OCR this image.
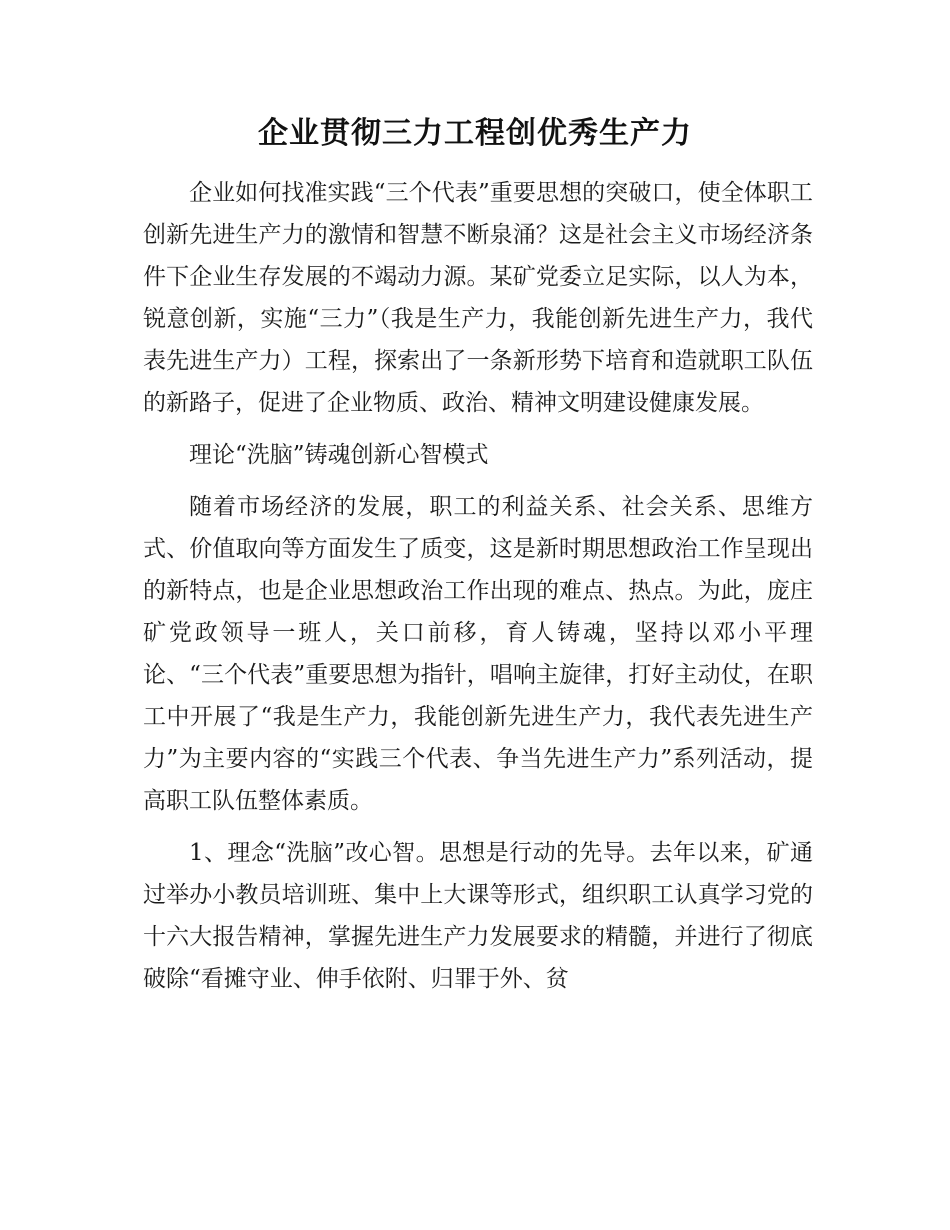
企业贯彻三力工程创优秀生产力

企业如何找准实践“三个代表”重要思想的突破口，使全体职工创新先进生产力的激情和智慧不断泉涌？这是社会主义市场经济条件下企业生存发展的不竭动力源。某矿党委立足实际，以人为本，锐意创新，实施“三力”（我是生产力，我能创新先进生产力，我代表先进生产力）工程，探索出了一条新形势下培育和造就职工队伍的新路子，促进了企业物质、政治、精神文明建设健康发展。

理论“洗脑”铸魂创新心智模式

随着市场经济的发展，职工的利益关系、社会关系、思维方式、价值取向等方面发生了质变，这是新时期思想政治工作呈现出的新特点，也是企业思想政治工作出现的难点、热点。为此，庞庄矿党政领导一班人，关口前移，育人铸魂，坚持以邓小平理论、“三个代表”重要思想为指针，唱响主旋律，打好主动仗，在职工中开展了“我是生产力，我能创新先进生产力，我代表先进生产力”为主要内容的“实践三个代表、争当先进生产力”系列活动，提高职工队伍整体素质。

1、理念“洗脑”改心智。思想是行动的先导。去年以来，矿通过举办小教员培训班、集中上大课等形式，组织职工认真学习党的十六大报告精神，掌握先进生产力发展要求的精髓，并进行了彻底破除“看摊守业、伸手依附、归罪于外、贫
